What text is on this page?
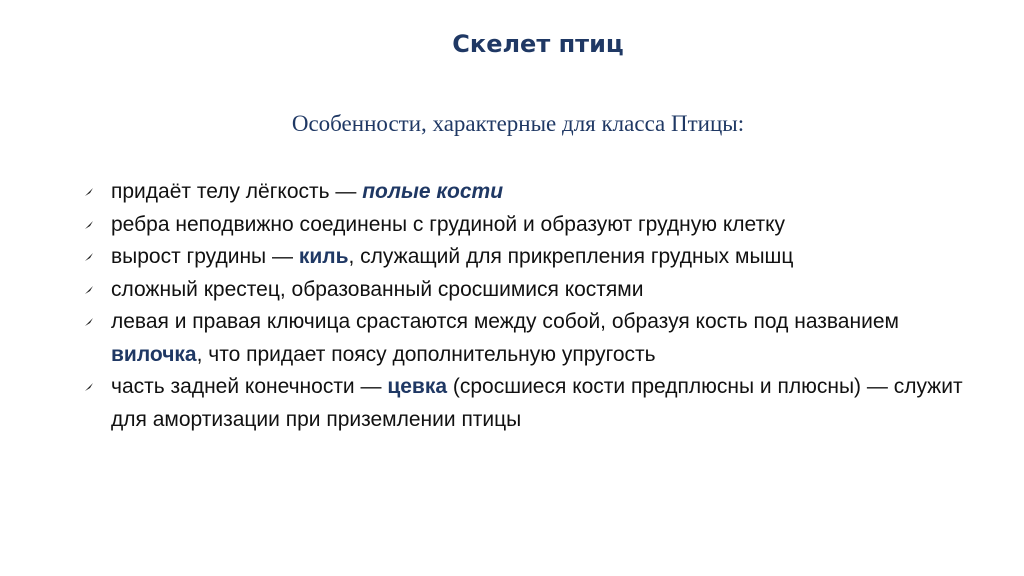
Скелет птиц
Особенности, характерные для класса Птицы:
придаёт телу лёгкость — полые кости
ребра неподвижно соединены с грудиной и образуют грудную клетку
вырост грудины — киль, служащий для прикрепления грудных мышц
сложный крестец, образованный сросшимися костями
левая и правая ключица срастаются между собой, образуя кость под названием вилочка, что придает поясу дополнительную упругость
часть задней конечности — цевка (сросшиеся кости предплюсны и плюсны) — служит для амортизации при приземлении птицы
